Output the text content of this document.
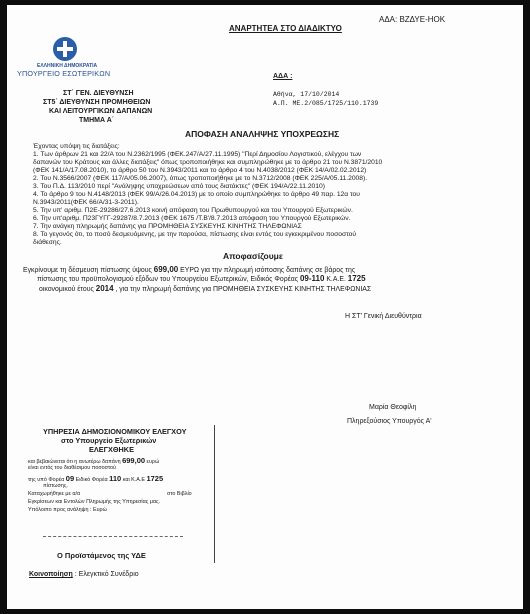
ΑΔΑ: ΒΖΔΥΕ-ΗΟΚ
ΑΝΑΡΤΗΤΕΑ ΣΤΟ ΔΙΑΔΙΚΤΥΟ
ΕΛΛΗΝΙΚΗ ΔΗΜΟΚΡΑΤΙΑ
ΥΠΟΥΡΓΕΙΟ ΕΣΩΤΕΡΙΚΩΝ
ΣΤ΄ ΓΕΝ. ΔΙΕΥΘΥΝΣΗ
ΣΤ5΄ ΔΙΕΥΘΥΝΣΗ ΠΡΟΜΗΘΕΙΩΝ
ΚΑΙ ΛΕΙΤΟΥΡΓΙΚΩΝ ΔΑΠΑΝΩΝ
ΤΜΗΜΑ Α΄
ΑΔΑ :
Αθήνα, 17/10/2014
Α.Π. ΜΕ.2/085/1725/110.1739
ΑΠΟΦΑΣΗ ΑΝΑΛΗΨΗΣ ΥΠΟΧΡΕΩΣΗΣ
Έχοντας υπόψη τις διατάξεις:
1. Των άρθρων 21 και 22/Α του Ν.2362/1995 (ΦΕΚ.247/Α/27.11.1995) "Περί Δημοσίου Λογιστικού, ελέγχου των
δαπανών του Κράτους και άλλες διατάξεις" όπως τροποποιήθηκε και συμπληρώθηκε με το άρθρο 21 του Ν.3871/2010
(ΦΕΚ 141/Α/17.08.2010), το άρθρο 50 του Ν.3943/2011 και το άρθρο 4 του Ν.4038/2012 (ΦΕΚ 14/Α/02.02.2012)
2. Του Ν.3566/2007 (ΦΕΚ 117/Α/05.06.2007), όπως τροποποιήθηκε με το Ν.3712/2008 (ΦΕΚ 225/Α/05.11.2008).
3. Του Π.Δ. 113/2010 περί "Ανάληψης υποχρεώσεων από τους διατάκτες" (ΦΕΚ 194/Α/22.11.2010)
4. Το άρθρο 9 του Ν.4148/2013 (ΦΕΚ 99/Α/26.04.2013) με το οποίο συμπληρώθηκε το άρθρο 49 παρ. 12α του
Ν.3943/2011(ΦΕΚ 66/Α/31-3-2011).
5. Την υπ' αριθμ. Π2Ε-29286/27.6.2013 κοινή απόφαση του Πρωθυπουργού και του Υπουργού Εξωτερικών.
6. Την υπ'αριθμ. Π23ΓΥΓΓ-29287/8.7.2013 (ΦΕΚ 1675 /Τ.Β'/8.7.2013 απόφαση του Υπουργού Εξωτερικών.
7. Την ανάγκη πληρωμής δαπάνης για ΠΡΟΜΗΘΕΙΑ ΣΥΣΚΕΥΗΣ ΚΙΝΗΤΗΣ ΤΗΛΕΦΩΝΙΑΣ
8. Το γεγονός ότι, το ποσό δεσμευόμενης, με την παρούσα, πίστωσης είναι εντός του εγκεκριμένου ποσοστού
διάθεσης.
Αποφασίζουμε
Εγκρίνουμε τη δέσμευση πίστωσης ύψους 699,00 ΕΥΡΩ για την πληρωμή ισόποσης δαπάνης σε βάρος της
πίστωσης του προϋπολογισμού εξόδων του Υπουργείου Εξωτερικών, Ειδικός Φορέας 09-110 Κ.Α.Ε. 1725
οικονομικού έτους 2014 , για την πληρωμή δαπάνης για ΠΡΟΜΗΘΕΙΑ ΣΥΣΚΕΥΗΣ ΚΙΝΗΤΗΣ ΤΗΛΕΦΩΝΙΑΣ
Η ΣΤ' Γενική Διευθύντρια
Μαρία Θεοφίλη
Πληρεξούσιος Υπουργός Α'
ΥΠΗΡΕΣΙΑ ΔΗΜΟΣΙΟΝΟΜΙΚΟΥ ΕΛΕΓΧΟΥ
στο Υπουργείο Εξωτερικών
ΕΛΕΓΧΘΗΚΕ
και βεβαιώνεται ότι η ανωτέρω δαπάνη 699,00 ευρώ
είναι εντός του διαθέσιμου ποσοστού
της υπό Φορέα 09 Ειδικό Φορέα 110 και Κ.Α.Ε 1725
πίστωσης.
Καταχωρήθηκε με α/α	στο Βιβλίο
Εγκρίσεων και Εντολών Πληρωμής της Υπηρεσίας μας.
Υπόλοιπο προς ανάληψη : Ευρώ
Ο Προϊστάμενος της ΥΔΕ
Κοινοποίηση : Ελεγκτικό Συνέδριο
